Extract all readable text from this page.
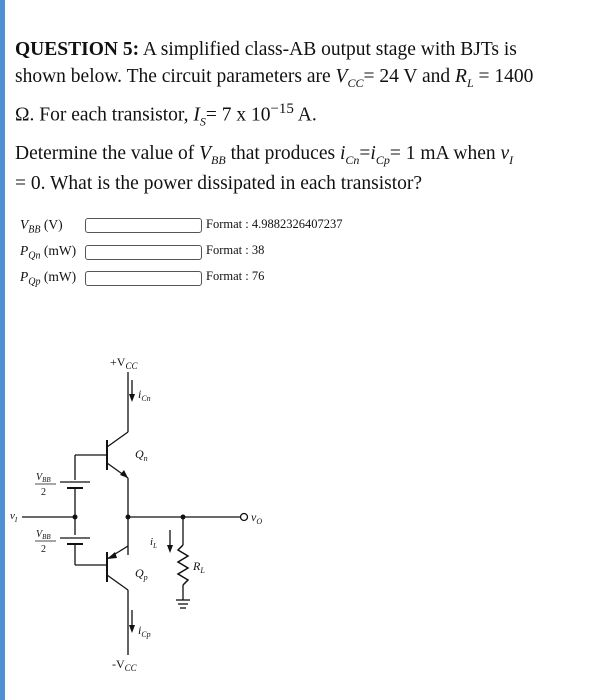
QUESTION 5: A simplified class-AB output stage with BJTs is
shown below. The circuit parameters are $V_{CC}= 24$ V and $R_L = 1400$
Ω. For each transistor, $I_S= 7$ x $10^{-15}$ A.
Determine the value of $V_{BB}$ that produces $i_{Cn}=i_{Cp}= 1$ mA when $v_I$
= 0. What is the power dissipated in each transistor?
$V_{BB}$ (V)	Format : 4.9882326407237
$P_{Qn}$ (mW)	Format : 38
$P_{Qp}$ (mW)	Format : 76
$+V_{CC}$
$i_{Cn}$
$Q_n$
$Q_p$
$V_{BB}$
2
$V_{BB}$
2
$v_I$	$v_O$
$i_L$
$R_L$
$i_{Cp}$
$-V_{CC}$
